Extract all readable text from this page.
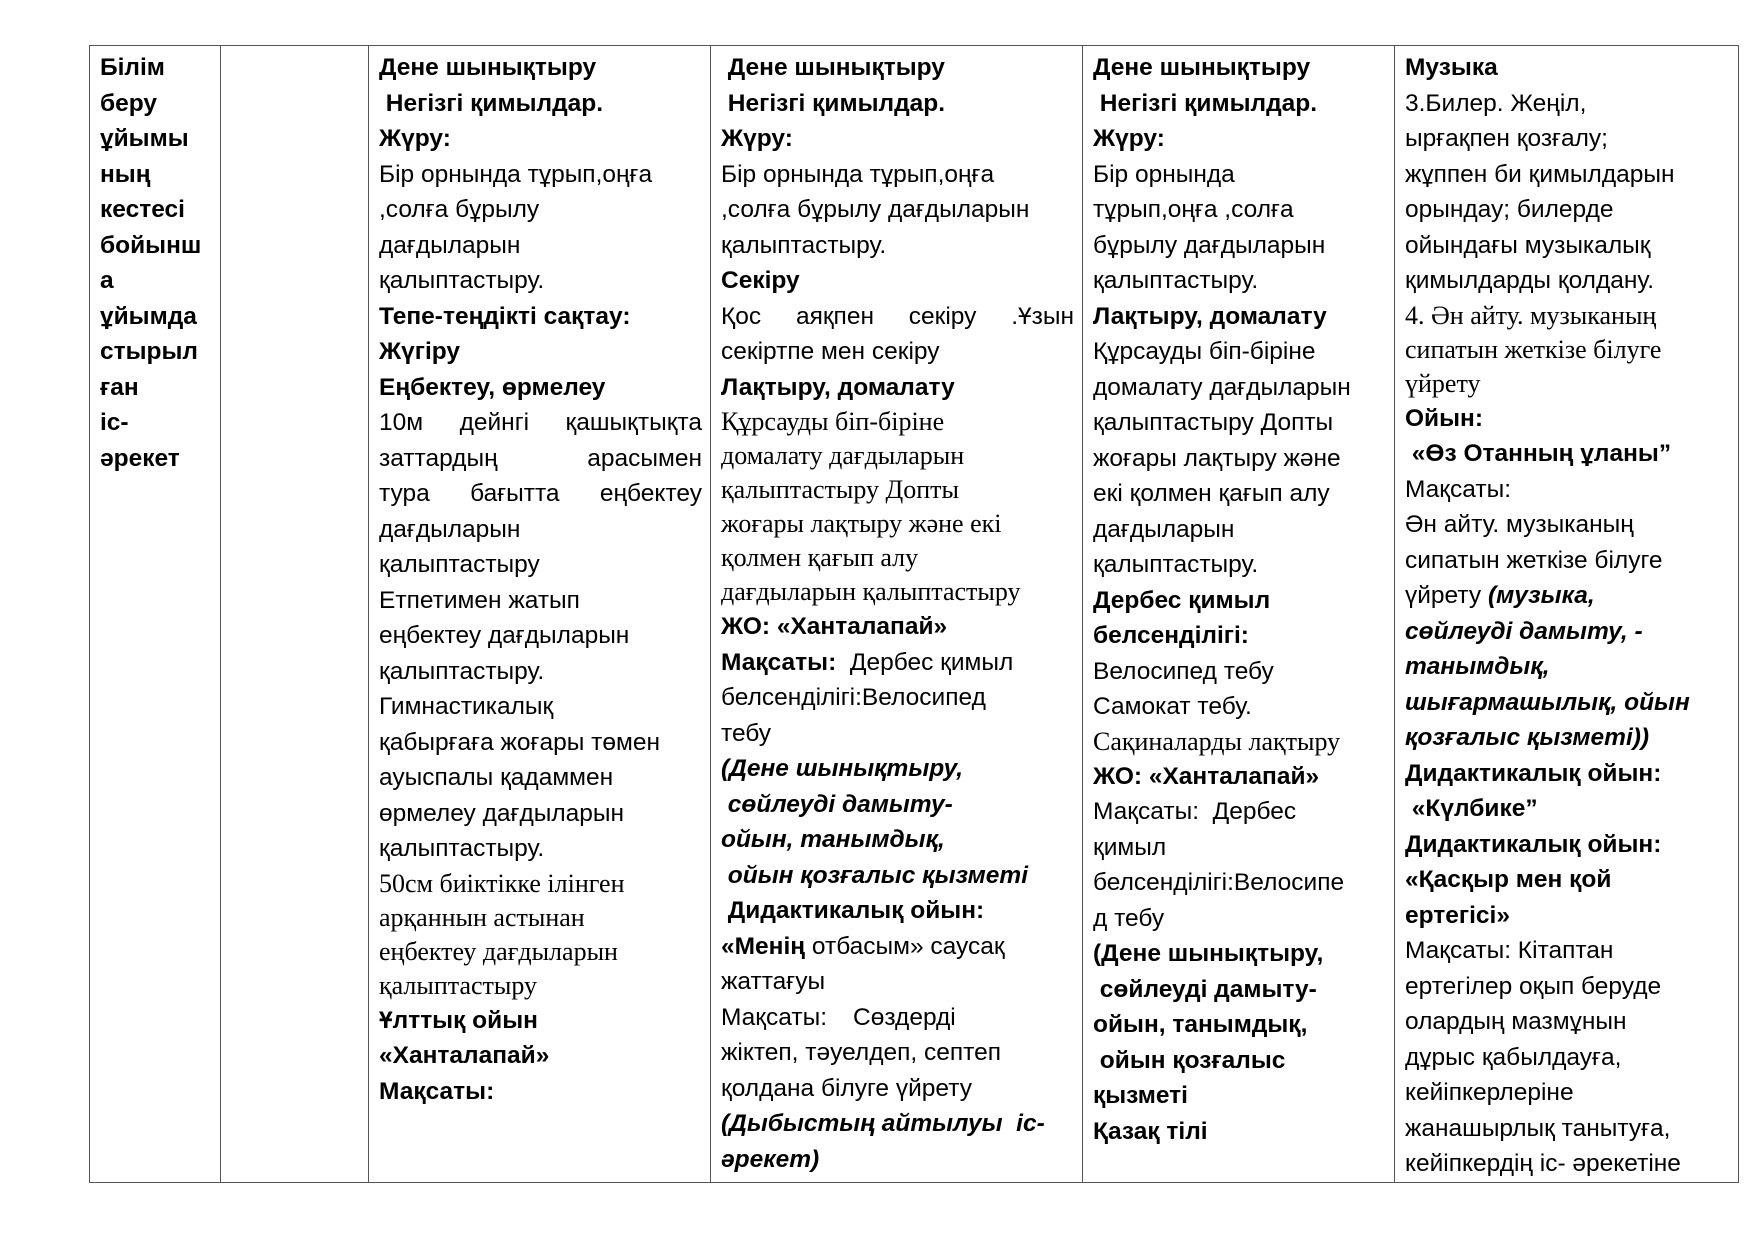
Білім
беру
ұйымы
ның
кестесі
бойынш
а
ұйымда
стырыл
ған
іс-
әрекет

Дене шынықтыру
Негізгі қимылдар.
Жүру:
Бір орнында тұрып,оңға
,солға бұрылу
дағдыларын
қалыптастыру.
Тепе-теңдікті сақтау:
Жүгіру
Еңбектеу, өрмелеу
10м дейнгі қашықтықта
заттардың	арасымен
тура бағытта еңбектеу
дағдыларын
қалыптастыру
Етпетимен жатып
еңбектеу дағдыларын
қалыптастыру.
Гимнастикалық
қабырғаға жоғары төмен
ауыспалы қадаммен
өрмелеу дағдыларын
қалыптастыру.
50см биіктікке ілінген
арқаннын астынан
еңбектеу дағдыларын
қалыптастыру
Ұлттық ойын
«Ханталапай»
Мақсаты:

Дене шынықтыру
Негізгі қимылдар.
Жүру:
Бір орнында тұрып,оңға
,солға бұрылу дағдыларын
қалыптастыру.
Секіру
Қос аяқпен секіру .Ұзын
секіртпе мен секіру
Лақтыру, домалату
Құрсауды біп-біріне
домалату дағдыларын
қалыптастыру Допты
жоғары лақтыру және екі
қолмен қағып алу
дағдыларын қалыптастыру
ЖО: «Ханталапай»
Мақсаты:  Дербес қимыл
белсенділігі:Велосипед
тебу
(Дене шынықтыру,
сөйлеуді дамыту-
ойын, танымдық,
ойын қозғалыс қызметі
Дидактикалық ойын:
«Менің отбасым» саусақ
жаттағуы
Мақсаты: Сөздерді
жіктеп, тәуелдеп, септеп
қолдана білуге үйрету
(Дыбыстың айтылуы  іс-
әрекет)

Дене шынықтыру
Негізгі қимылдар.
Жүру:
Бір орнында
тұрып,оңға ,солға
бұрылу дағдыларын
қалыптастыру.
Лақтыру, домалату
Құрсауды біп-біріне
домалату дағдыларын
қалыптастыру Допты
жоғары лақтыру және
екі қолмен қағып алу
дағдыларын
қалыптастыру.
Дербес қимыл
белсенділігі:
Велосипед тебу
Самокат тебу.
Сақиналарды лақтыру
ЖО: «Ханталапай»
Мақсаты:  Дербес
қимыл
белсенділігі:Велосипе
д тебу
(Дене шынықтыру,
сөйлеуді дамыту-
ойын, танымдық,
ойын қозғалыс
қызметі
Қазақ тілі

Музыка
3.Билер. Жеңіл,
ырғақпен қозғалу;
жұппен би қимылдарын
орындау; билерде
ойындағы музыкалық
қимылдарды қолдану.
4. Ән айту. музыканың
сипатын жеткізе білуге
үйрету
Ойын:
«Өз Отанның ұланы”
Мақсаты:
Ән айту. музыканың
сипатын жеткізе білуге
үйрету (музыка,
сөйлеуді дамыту, -
танымдық,
шығармашылық, ойын
қозғалыс қызметі))
Дидактикалық ойын:
«Күлбике”
Дидактикалық ойын:
«Қасқыр мен қой
ертегісі»
Мақсаты: Кітаптан
ертегілер оқып беруде
олардың мазмұнын
дұрыс қабылдауға,
кейіпкерлеріне
жанашырлық танытуға,
кейіпкердің іс- әрекетіне
